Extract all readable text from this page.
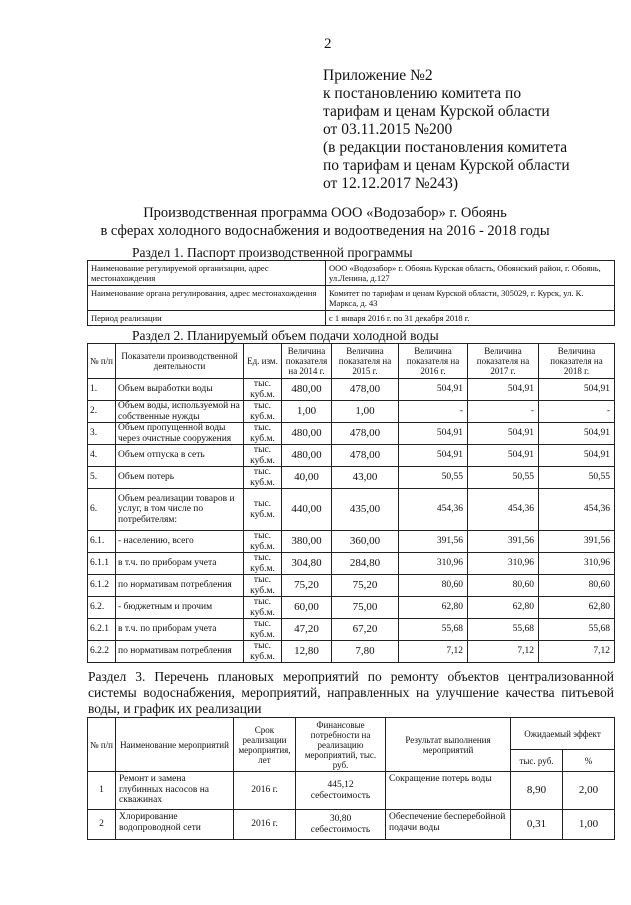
2
Приложение №2
к постановлению комитета по
тарифам и ценам Курской области
от 03.11.2015 №200
(в редакции постановления комитета
по тарифам и ценам Курской области
от 12.12.2017 №243)
Производственная программа ООО «Водозабор» г. Обоянь
в сферах холодного водоснабжения и водоотведения на 2016 - 2018 годы
Раздел 1. Паспорт производственной программы
Наименование регулируемой организации, адрес местонахождения	ООО «Водозабор» г. Обоянь Курская область, Обоянский район, г. Обоянь, ул.Ленина, д.127
Наименование органа регулирования, адрес местонахождения	Комитет по тарифам и ценам Курской области, 305029, г. Курск, ул. К. Маркса, д. 43
Период реализации	с 1 января 2016 г. по 31 декабря 2018 г.
Раздел 2. Планируемый объем подачи холодной воды
№ п/п	Показатели производственной деятельности	Ед. изм.	Величина показателя на 2014 г.	Величина показателя на 2015 г.	Величина показателя на 2016 г.	Величина показателя на 2017 г.	Величина показателя на 2018 г.
1.	Объем выработки воды	тыс. куб.м.	480,00	478,00	504,91	504,91	504,91
2.	Объем воды, используемой на собственные нужды	тыс. куб.м.	1,00	1,00	-	-	-
3.	Объем пропущенной воды через очистные сооружения	тыс. куб.м.	480,00	478,00	504,91	504,91	504,91
4.	Объем отпуска в сеть	тыс. куб.м.	480,00	478,00	504,91	504,91	504,91
5.	Объем потерь	тыс. куб.м.	40,00	43,00	50,55	50,55	50,55
6.	Объем реализации товаров и услуг, в том числе по потребителям:	тыс. куб.м.	440,00	435,00	454,36	454,36	454,36
6.1.	- населению, всего	тыс. куб.м.	380,00	360,00	391,56	391,56	391,56
6.1.1	в т.ч. по приборам учета	тыс. куб.м.	304,80	284,80	310,96	310,96	310,96
6.1.2	по нормативам потребления	тыс. куб.м.	75,20	75,20	80,60	80,60	80,60
6.2.	- бюджетным и прочим	тыс. куб.м.	60,00	75,00	62,80	62,80	62,80
6.2.1	в т.ч. по приборам учета	тыс. куб.м.	47,20	67,20	55,68	55,68	55,68
6.2.2	по нормативам потребления	тыс. куб.м.	12,80	7,80	7,12	7,12	7,12
Раздел 3. Перечень плановых мероприятий по ремонту объектов централизованной системы водоснабжения, мероприятий, направленных на улучшение качества питьевой воды, и график их реализации
№ п/п	Наименование мероприятий	Срок реализации мероприятия, лет	Финансовые потребности на реализацию мероприятий, тыс. руб.	Результат выполнения мероприятий	Ожидаемый эффект	
					тыс. руб.	%
1	Ремонт и замена глубинных насосов на скважинах	2016 г.	445,12 себестоимость	Сокращение потерь воды	8,90	2,00
2	Хлорирование водопроводной сети	2016 г.	30,80 себестоимость	Обеспечение бесперебойной подачи воды	0,31	1,00
